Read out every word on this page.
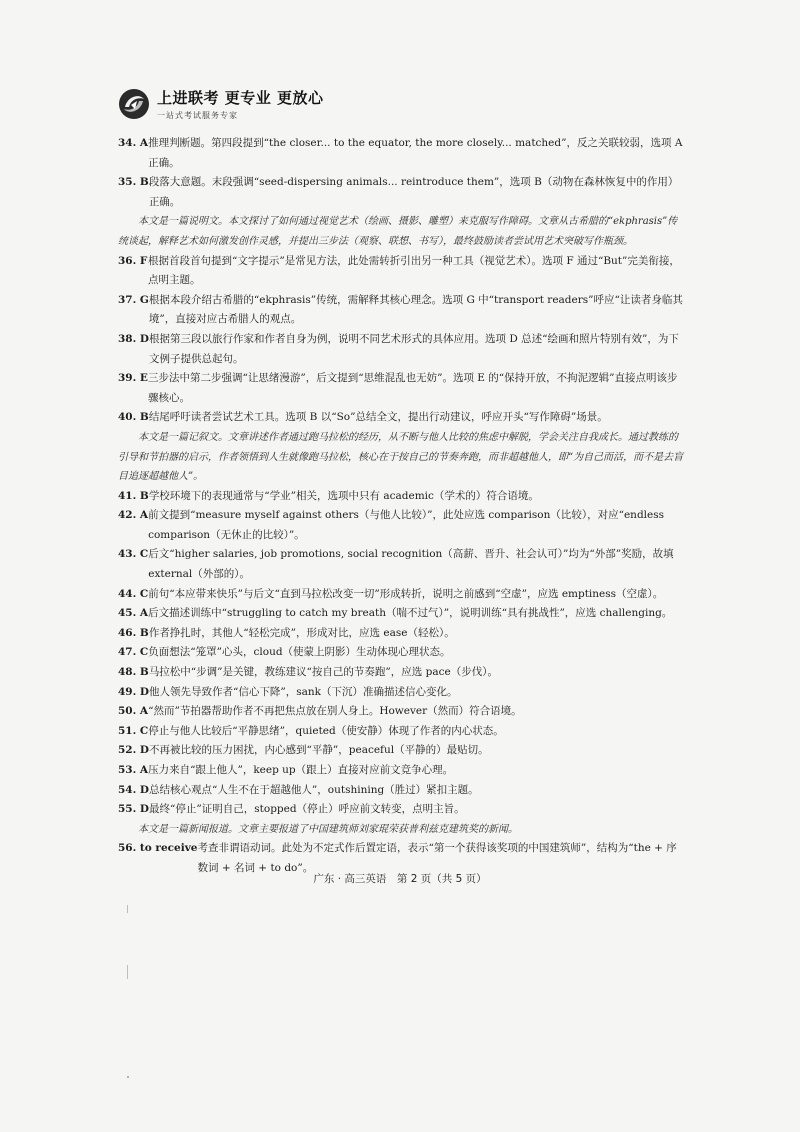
上进联考 更专业 更放心
一站式考试服务专家
34. A 推理判断题。第四段提到“the closer... to the equator, the more closely... matched”，反之关联较弱，选项 A 正确。
35. B 段落大意题。末段强调“seed-dispersing animals... reintroduce them”，选项 B（动物在森林恢复中的作用）正确。

本文是一篇说明文。本文探讨了如何通过视觉艺术（绘画、摄影、雕塑）来克服写作障碍。文章从古希腊的“ekphrasis”传统谈起，解释艺术如何激发创作灵感，并提出三步法（观察、联想、书写），最终鼓励读者尝试用艺术突破写作瓶颈。

36. F 根据首段首句提到“文字提示”是常见方法，此处需转折引出另一种工具（视觉艺术）。选项 F 通过“But”完美衔接，点明主题。
37. G 根据本段介绍古希腊的“ekphrasis”传统，需解释其核心理念。选项 G 中“transport readers”呼应“让读者身临其境”，直接对应古希腊人的观点。
38. D 根据第三段以旅行作家和作者自身为例，说明不同艺术形式的具体应用。选项 D 总述“绘画和照片特别有效”，为下文例子提供总起句。
39. E 三步法中第二步强调“让思绪漫游”，后文提到“思维混乱也无妨”。选项 E 的“保持开放，不拘泥逻辑”直接点明该步骤核心。
40. B 结尾呼吁读者尝试艺术工具。选项 B 以“So”总结全文，提出行动建议，呼应开头“写作障碍”场景。

本文是一篇记叙文。文章讲述作者通过跑马拉松的经历，从不断与他人比较的焦虑中解脱，学会关注自我成长。通过教练的引导和节拍器的启示，作者领悟到人生就像跑马拉松，核心在于按自己的节奏奔跑，而非超越他人，即“为自己而活，而不是去盲目追逐超越他人”。

41. B 学校环境下的表现通常与“学业”相关，选项中只有 academic（学术的）符合语境。
42. A 前文提到“measure myself against others（与他人比较）”，此处应选 comparison（比较），对应“endless comparison（无休止的比较）”。
43. C 后文“higher salaries, job promotions, social recognition（高薪、晋升、社会认可）”均为“外部”奖励，故填 external（外部的）。
44. C 前句“本应带来快乐”与后文“直到马拉松改变一切”形成转折，说明之前感到“空虚”，应选 emptiness（空虚）。
45. A 后文描述训练中“struggling to catch my breath（喘不过气）”，说明训练“具有挑战性”，应选 challenging。
46. B 作者挣扎时，其他人“轻松完成”，形成对比，应选 ease（轻松）。
47. C 负面想法“笼罩”心头，cloud（使蒙上阴影）生动体现心理状态。
48. B 马拉松中“步调”是关键，教练建议“按自己的节奏跑”，应选 pace（步伐）。
49. D 他人领先导致作者“信心下降”，sank（下沉）准确描述信心变化。
50. A “然而”节拍器帮助作者不再把焦点放在别人身上。However（然而）符合语境。
51. C 停止与他人比较后“平静思绪”，quieted（使安静）体现了作者的内心状态。
52. D 不再被比较的压力困扰，内心感到“平静”，peaceful（平静的）最贴切。
53. A 压力来自“跟上他人”，keep up（跟上）直接对应前文竞争心理。
54. D 总结核心观点“人生不在于超越他人”，outshining（胜过）紧扣主题。
55. D 最终“停止”证明自己，stopped（停止）呼应前文转变，点明主旨。

本文是一篇新闻报道。文章主要报道了中国建筑师刘家琨荣获普利兹克建筑奖的新闻。

56. to receive 考查非谓语动词。此处为不定式作后置定语，表示“第一个获得该奖项的中国建筑师”，结构为“the + 序数词 + 名词 + to do”。
广东 · 高三英语　第 2 页（共 5 页）
